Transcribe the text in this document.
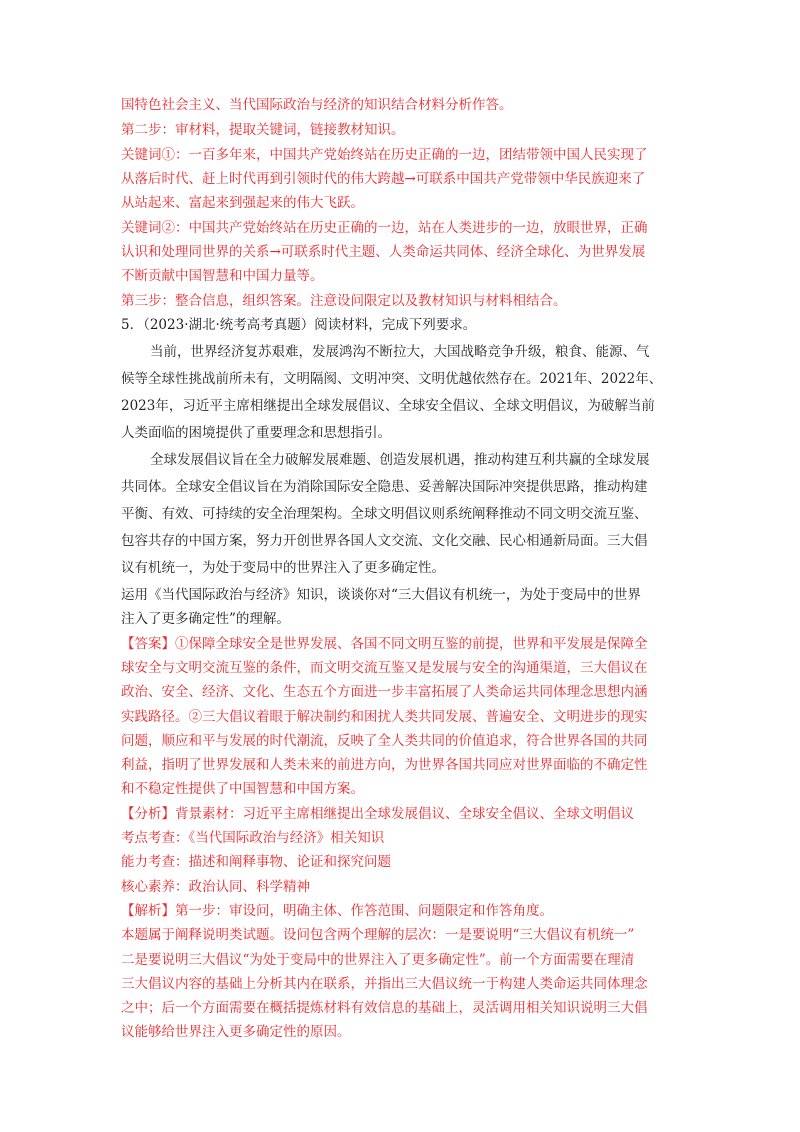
国特色社会主义、当代国际政治与经济的知识结合材料分析作答。
第二步：审材料，提取关键词，链接教材知识。
关键词①：一百多年来，中国共产党始终站在历史正确的一边，团结带领中国人民实现了
从落后时代、赶上时代再到引领时代的伟大跨越→可联系中国共产党带领中华民族迎来了
从站起来、富起来到强起来的伟大飞跃。
关键词②：中国共产党始终站在历史正确的一边，站在人类进步的一边，放眼世界，正确
认识和处理同世界的关系→可联系时代主题、人类命运共同体、经济全球化、为世界发展
不断贡献中国智慧和中国力量等。
第三步：整合信息，组织答案。注意设问限定以及教材知识与材料相结合。
5．（2023·湖北·统考高考真题）阅读材料，完成下列要求。
当前，世界经济复苏艰难，发展鸿沟不断拉大，大国战略竞争升级，粮食、能源、气
候等全球性挑战前所未有，文明隔阂、文明冲突、文明优越依然存在。2021年、2022年、
2023年，习近平主席相继提出全球发展倡议、全球安全倡议、全球文明倡议，为破解当前
人类面临的困境提供了重要理念和思想指引。
全球发展倡议旨在全力破解发展难题、创造发展机遇，推动构建互利共赢的全球发展
共同体。全球安全倡议旨在为消除国际安全隐患、妥善解决国际冲突提供思路，推动构建
平衡、有效、可持续的安全治理架构。全球文明倡议则系统阐释推动不同文明交流互鉴、
包容共存的中国方案，努力开创世界各国人文交流、文化交融、民心相通新局面。三大倡
议有机统一，为处于变局中的世界注入了更多确定性。
运用《当代国际政治与经济》知识，谈谈你对“三大倡议有机统一，为处于变局中的世界
注入了更多确定性”的理解。
【答案】①保障全球安全是世界发展、各国不同文明互鉴的前提，世界和平发展是保障全
球安全与文明交流互鉴的条件，而文明交流互鉴又是发展与安全的沟通渠道，三大倡议在
政治、安全、经济、文化、生态五个方面进一步丰富拓展了人类命运共同体理念思想内涵
实践路径。②三大倡议着眼于解决制约和困扰人类共同发展、普遍安全、文明进步的现实
问题，顺应和平与发展的时代潮流，反映了全人类共同的价值追求，符合世界各国的共同
利益，指明了世界发展和人类未来的前进方向，为世界各国共同应对世界面临的不确定性
和不稳定性提供了中国智慧和中国方案。
【分析】背景素材：习近平主席相继提出全球发展倡议、全球安全倡议、全球文明倡议
考点考查：《当代国际政治与经济》相关知识
能力考查：描述和阐释事物、论证和探究问题
核心素养：政治认同、科学精神
【解析】第一步：审设问，明确主体、作答范围、问题限定和作答角度。
本题属于阐释说明类试题。设问包含两个理解的层次：一是要说明“三大倡议有机统一”
二是要说明三大倡议“为处于变局中的世界注入了更多确定性”。前一个方面需要在理清
三大倡议内容的基础上分析其内在联系，并指出三大倡议统一于构建人类命运共同体理念
之中；后一个方面需要在概括提炼材料有效信息的基础上，灵活调用相关知识说明三大倡
议能够给世界注入更多确定性的原因。
